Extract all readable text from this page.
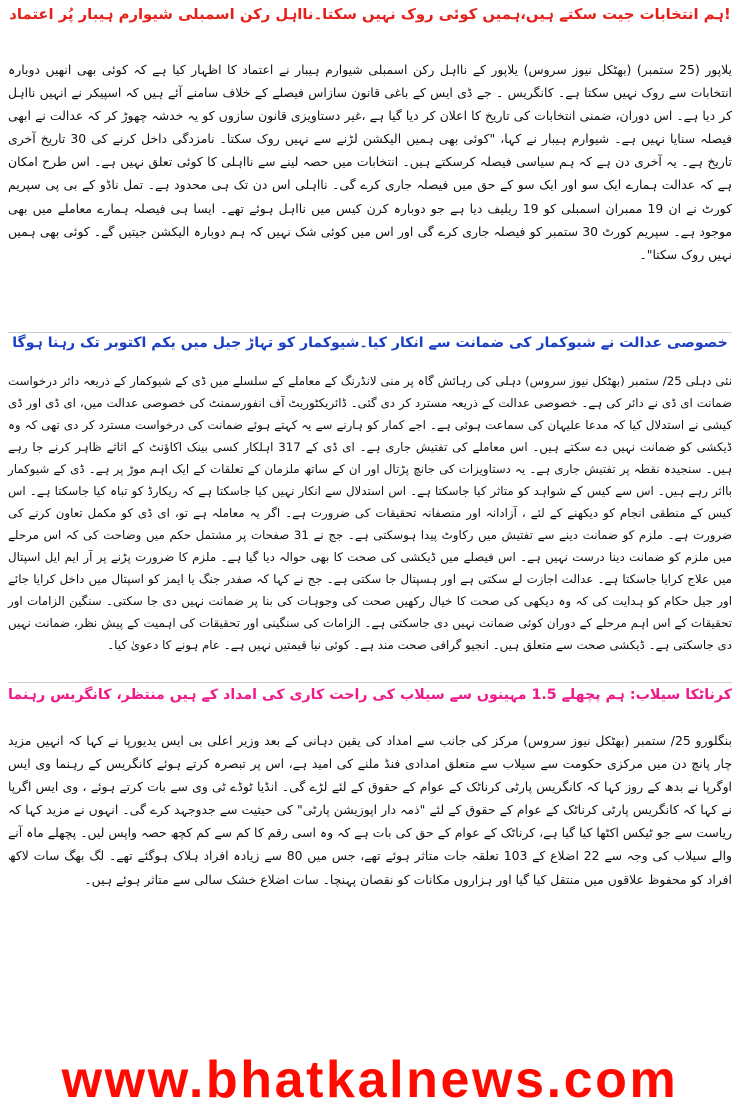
ہم انتخابات جیت سکتے ہیں،ہمیں کوئی روک نہیں سکتا۔نااہل رکن اسمبلی شیوارم ہیبار پُر اعتماد!
یلاپور (25 ستمبر) (بھٹکل نیوز سروس) یلاپور کے نااہل رکن اسمبلی شیوارم ہیبار نے اعتماد کا اظہار کیا ہے کہ کوئی بھی انھیں دوبارہ انتخابات سے روک نہیں سکتا ہے۔ کانگریس ۔ جے ڈی ایس کے باغی قانون سازاس فیصلے کے خلاف سامنے آئے ہیں کہ اسپیکر نے انہیں نااہل کر دیا ہے۔ اس دوران، ضمنی انتخابات کی تاریخ کا اعلان کر دیا گیا ہے ،غیر دستاویزی قانون سازوں کو یہ خدشہ چھوڑ کر کہ عدالت نے ابھی فیصلہ سنایا نہیں ہے۔ شیوارم ہیبار نے کہا، "کوئی بھی ہمیں الیکشن لڑنے سے نہیں روک سکتا۔ نامزدگی داخل کرنے کی 30 تاریخ آخری تاریخ ہے۔ یہ آخری دن ہے کہ ہم سیاسی فیصلہ کرسکتے ہیں۔ انتخابات میں حصہ لینے سے نااہلی کا کوئی تعلق نہیں ہے۔ اس طرح امکان ہے کہ عدالت ہمارے ایک سو اور ایک سو کے حق میں فیصلہ جاری کرے گی۔ نااہلی اس دن تک ہی محدود ہے۔ تمل ناڈو کے بی پی سپریم کورٹ نے ان 19 ممبران اسمبلی کو 19 ریلیف دیا ہے جو دوبارہ کرن کیس میں نااہل ہوئے تھے۔ ایسا ہی فیصلہ ہمارے معاملے میں بھی موجود ہے۔ سپریم کورٹ 30 ستمبر کو فیصلہ جاری کرے گی اور اس میں کوئی شک نہیں کہ ہم دوبارہ الیکشن جیتیں گے۔ کوئی بھی ہمیں نہیں روک سکتا"۔
خصوصی عدالت نے شیوکمار کی ضمانت سے انکار کیا۔شیوکمار کو تہاڑ جیل میں یکم اکتوبر تک رہنا ہوگا
نئی دہلی 25/ ستمبر (بھٹکل نیوز سروس) دہلی کی رہائش گاہ پر منی لانڈرنگ کے معاملے کے سلسلے میں ڈی کے شیوکمار کے ذریعہ دائر درخواست ضمانت ای ڈی نے دائر کی ہے۔ خصوصی عدالت کے ذریعہ مسترد کر دی گئی۔ ڈائریکٹوریٹ آف انفورسمنٹ کی خصوصی عدالت میں، ای ڈی اور ڈی کیشی نے استدلال کیا کہ مدعا علیہان کی سماعت ہوئی ہے۔ اجے کمار کو ہارنے سے یہ کہتے ہوئے ضمانت کی درخواست مسترد کر دی تھی کہ وہ ڈیکشی کو ضمانت نہیں دے سکتے ہیں۔ اس معاملے کی تفتیش جاری ہے۔ ای ڈی کے 317 اہلکار کسی بینک اکاؤنٹ کے اثاثے ظاہر کرنے جا رہے ہیں۔ سنجیدہ نقطہ پر تفتیش جاری ہے۔ یہ دستاویزات کی جانچ پڑتال اور ان کے ساتھ ملزمان کے تعلقات کے ایک اہم موڑ پر ہے۔ ڈی کے شیوکمار بااثر رہے ہیں۔ اس سے کیس کے شواہد کو متاثر کیا جاسکتا ہے۔ اس استدلال سے انکار نہیں کیا جاسکتا ہے کہ ریکارڈ کو تباہ کیا جاسکتا ہے۔ اس کیس کے منطقی انجام کو دیکھنے کے لئے ، آزادانہ اور منصفانہ تحقیقات کی ضرورت ہے۔ اگر یہ معاملہ ہے تو، ای ڈی کو مکمل تعاون کرنے کی ضرورت ہے۔ ملزم کو ضمانت دینے سے تفتیش میں رکاوٹ پیدا ہوسکتی ہے۔ جج نے 31 صفحات پر مشتمل حکم میں وضاحت کی کہ اس مرحلے میں ملزم کو ضمانت دینا درست نہیں ہے۔ اس فیصلے میں ڈیکشی کی صحت کا بھی حوالہ دیا گیا ہے۔ ملزم کا ضرورت پڑنے پر آر ایم ایل اسپتال میں علاج کرایا جاسکتا ہے۔ عدالت اجازت لے سکتی ہے اور ہسپتال جا سکتی ہے۔ جج نے کہا کہ صفدر جنگ یا ایمز کو اسپتال میں داخل کرایا جائے اور جیل حکام کو ہدایت کی کہ وہ دیکھی کی صحت کا خیال رکھیں صحت کی وجوہات کی بنا پر ضمانت نہیں دی جا سکتی۔ سنگین الزامات اور تحقیقات کے اس اہم مرحلے کے دوران کوئی ضمانت نہیں دی جاسکتی ہے۔ الزامات کی سنگینی اور تحقیقات کی اہمیت کے پیش نظر، ضمانت نہیں دی جاسکتی ہے۔ ڈیکشی صحت سے متعلق ہیں۔ انجیو گرافی صحت مند ہے۔ کوئی نیا قیمتیں نہیں ہے۔ عام ہونے کا دعویٰ کیا۔
کرناٹکا سیلاب: ہم پچھلے 1.5 مہینوں سے سیلاب کی راحت کاری کی امداد کے ہیں منتظر، کانگریس رہنما
بنگلورو 25/ ستمبر (بھٹکل نیوز سروس) مرکز کی جانب سے امداد کی یقین دہانی کے بعد وزیر اعلی بی ایس یدیورپا نے کہا کہ انہیں مزید چار پانچ دن میں مرکزی حکومت سے سیلاب سے متعلق امدادی فنڈ ملنے کی امید ہے، اس پر تبصرہ کرتے ہوئے کانگریس کے رہنما وی ایس اوگرپا نے بدھ کے روز کہا کہ کانگریس پارٹی کرناٹک کے عوام کے حقوق کے لئے لڑے گی۔ انڈیا ٹوڈے ٹی وی سے بات کرتے ہوئے ، وی ایس اگرپا نے کہا کہ کانگریس پارٹی کرناٹک کے عوام کے حقوق کے لئے "ذمہ دار اپوزیشن پارٹی" کی حیثیت سے جدوجہد کرے گی۔ انہوں نے مزید کہا کہ ریاست سے جو ٹیکس اکٹھا کیا گیا ہے، کرناٹک کے عوام کے حق کی بات ہے کہ وہ اسی رقم کا کم سے کم کچھ حصہ واپس لیں۔ پچھلے ماہ آنے والے سیلاب کی وجہ سے 22 اضلاع کے 103 تعلقہ جات متاثر ہوئے تھے، جس میں 80 سے زیادہ افراد ہلاک ہوگئے تھے۔ لگ بھگ سات لاکھ افراد کو محفوظ علاقوں میں منتقل کیا گیا اور ہزاروں مکانات کو نقصان پہنچا۔ سات اضلاع خشک سالی سے متاثر ہوئے ہیں۔
www.bhatkalnews.com
